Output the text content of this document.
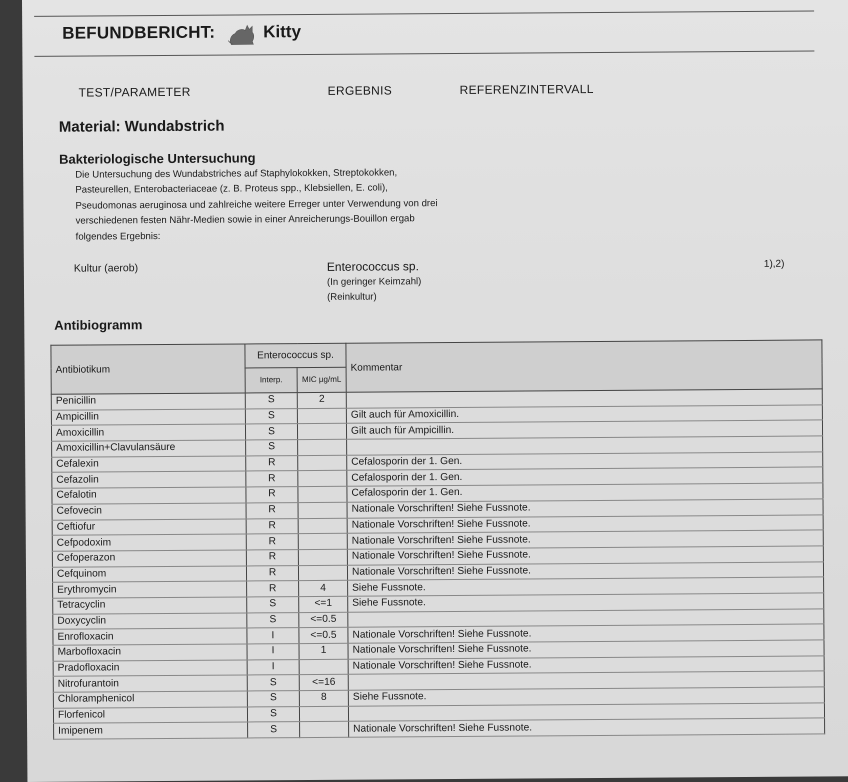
BEFUNDBERICHT:	Kitty
TEST/PARAMETER	ERGEBNIS	REFERENZINTERVALL
Material: Wundabstrich
Bakteriologische Untersuchung
Die Untersuchung des Wundabstriches auf Staphylokokken, Streptokokken,
Pasteurellen, Enterobacteriaceae (z. B. Proteus spp., Klebsiellen, E. coli),
Pseudomonas aeruginosa und zahlreiche weitere Erreger unter Verwendung von drei
verschiedenen festen Nähr-Medien sowie in einer Anreicherungs-Bouillon ergab
folgendes Ergebnis:
Kultur (aerob)	Enterococcus sp.
(In geringer Keimzahl)
(Reinkultur)
1),2)
Antibiogramm
Antibiotikum	Enterococcus sp.		Kommentar
	Interp.	MIC µg/mL	
Penicillin	S	2	
Ampicillin	S		Gilt auch für Amoxicillin.
Amoxicillin	S		Gilt auch für Ampicillin.
Amoxicillin+Clavulansäure	S		
Cefalexin	R		Cefalosporin der 1. Gen.
Cefazolin	R		Cefalosporin der 1. Gen.
Cefalotin	R		Cefalosporin der 1. Gen.
Cefovecin	R		Nationale Vorschriften! Siehe Fussnote.
Ceftiofur	R		Nationale Vorschriften! Siehe Fussnote.
Cefpodoxim	R		Nationale Vorschriften! Siehe Fussnote.
Cefoperazon	R		Nationale Vorschriften! Siehe Fussnote.
Cefquinom	R		Nationale Vorschriften! Siehe Fussnote.
Erythromycin	R	4	Siehe Fussnote.
Tetracyclin	S	<=1	Siehe Fussnote.
Doxycyclin	S	<=0.5	
Enrofloxacin	I	<=0.5	Nationale Vorschriften! Siehe Fussnote.
Marbofloxacin	I	1	Nationale Vorschriften! Siehe Fussnote.
Pradofloxacin	I		Nationale Vorschriften! Siehe Fussnote.
Nitrofurantoin	S	<=16	
Chloramphenicol	S	8	Siehe Fussnote.
Florfenicol	S		
Imipenem	S		Nationale Vorschriften! Siehe Fussnote.
